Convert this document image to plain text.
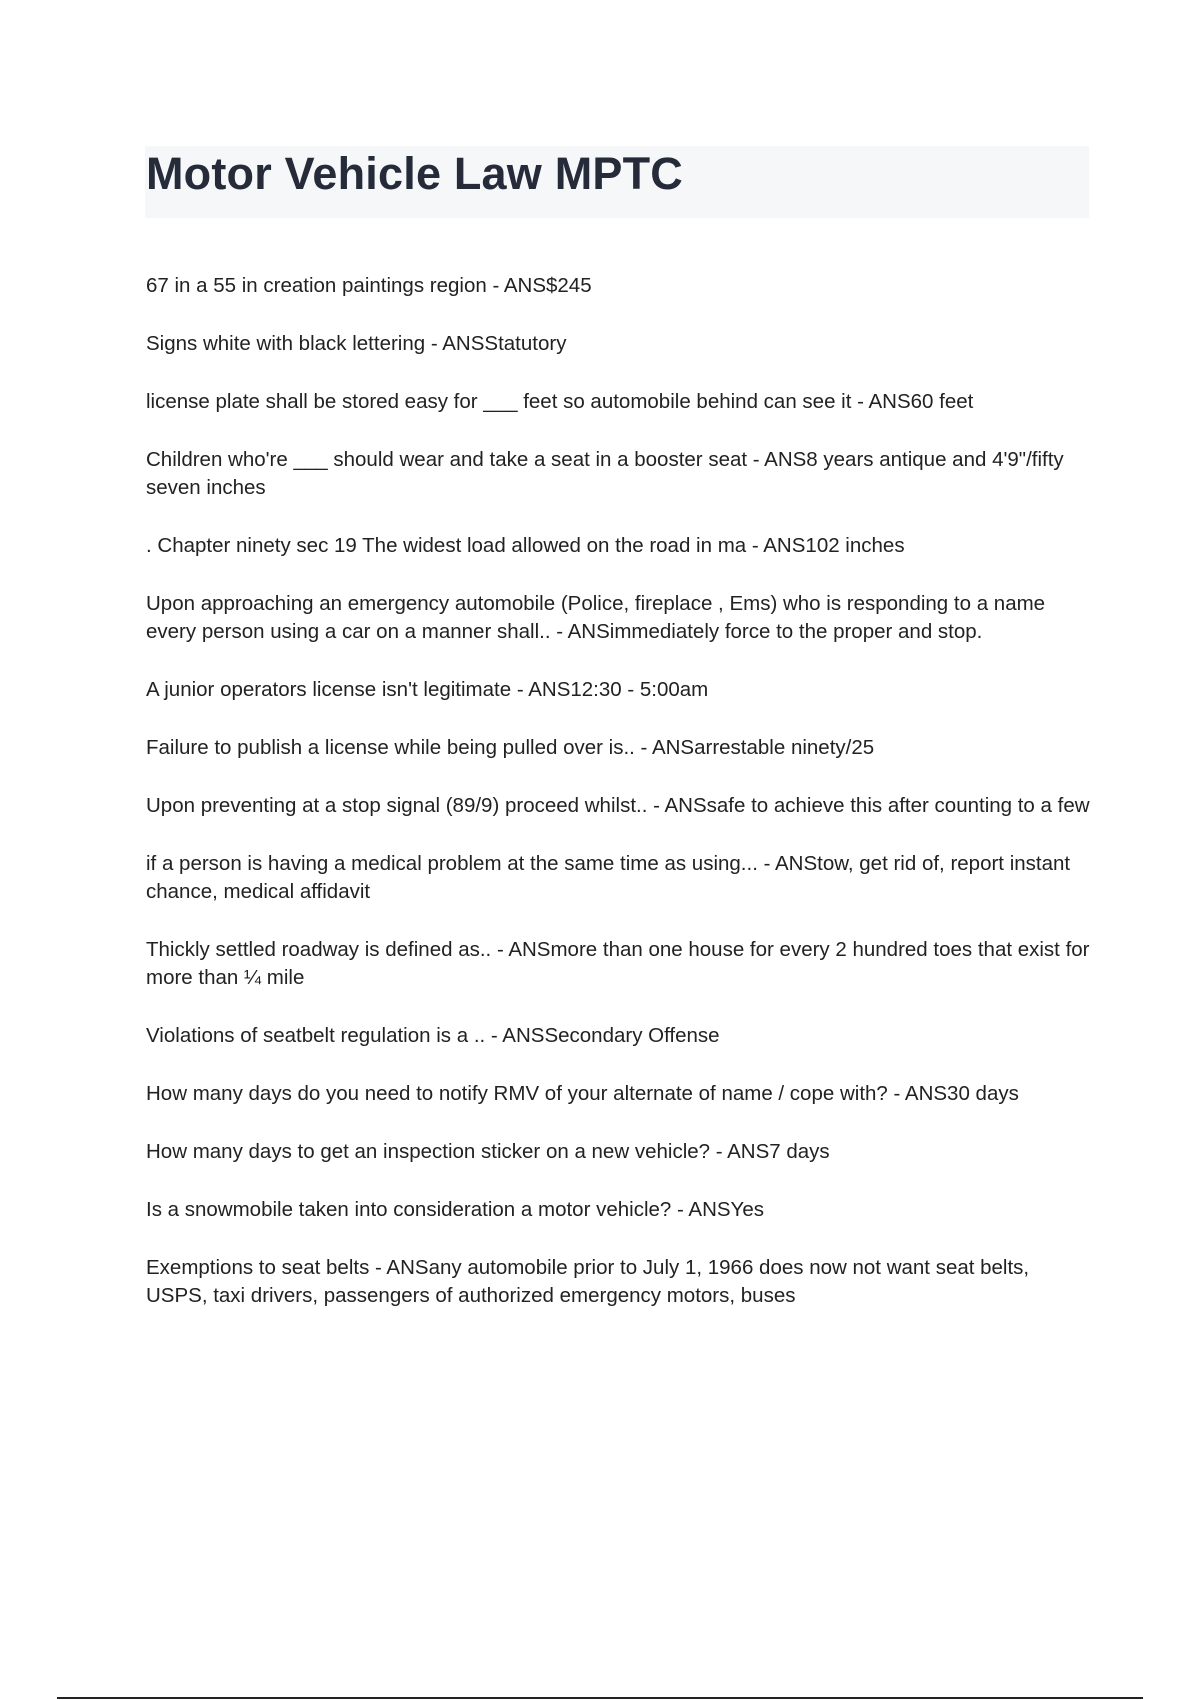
Motor Vehicle Law MPTC
67 in a 55 in creation paintings region - ANS$245
Signs white with black lettering - ANSStatutory
license plate shall be stored easy for ___ feet so automobile behind can see it - ANS60 feet
Children who're ___ should wear and take a seat in a booster seat - ANS8 years antique and 4'9"/fifty seven inches
. Chapter ninety sec 19 The widest load allowed on the road in ma - ANS102 inches
Upon approaching an emergency automobile (Police, fireplace , Ems) who is responding to a name every person using a car on a manner shall.. - ANSimmediately force to the proper and stop.
A junior operators license isn't legitimate - ANS12:30 - 5:00am
Failure to publish a license while being pulled over is.. - ANSarrestable ninety/25
Upon preventing at a stop signal (89/9) proceed whilst.. - ANSsafe to achieve this after counting to a few
if a person is having a medical problem at the same time as using... - ANStow, get rid of, report instant chance, medical affidavit
Thickly settled roadway is defined as.. - ANSmore than one house for every 2 hundred toes that exist for more than ¼ mile
Violations of seatbelt regulation is a .. - ANSSecondary Offense
How many days do you need to notify RMV of your alternate of name / cope with? - ANS30 days
How many days to get an inspection sticker on a new vehicle? - ANS7 days
Is a snowmobile taken into consideration a motor vehicle? - ANSYes
Exemptions to seat belts - ANSany automobile prior to July 1, 1966 does now not want seat belts, USPS, taxi drivers, passengers of authorized emergency motors, buses
